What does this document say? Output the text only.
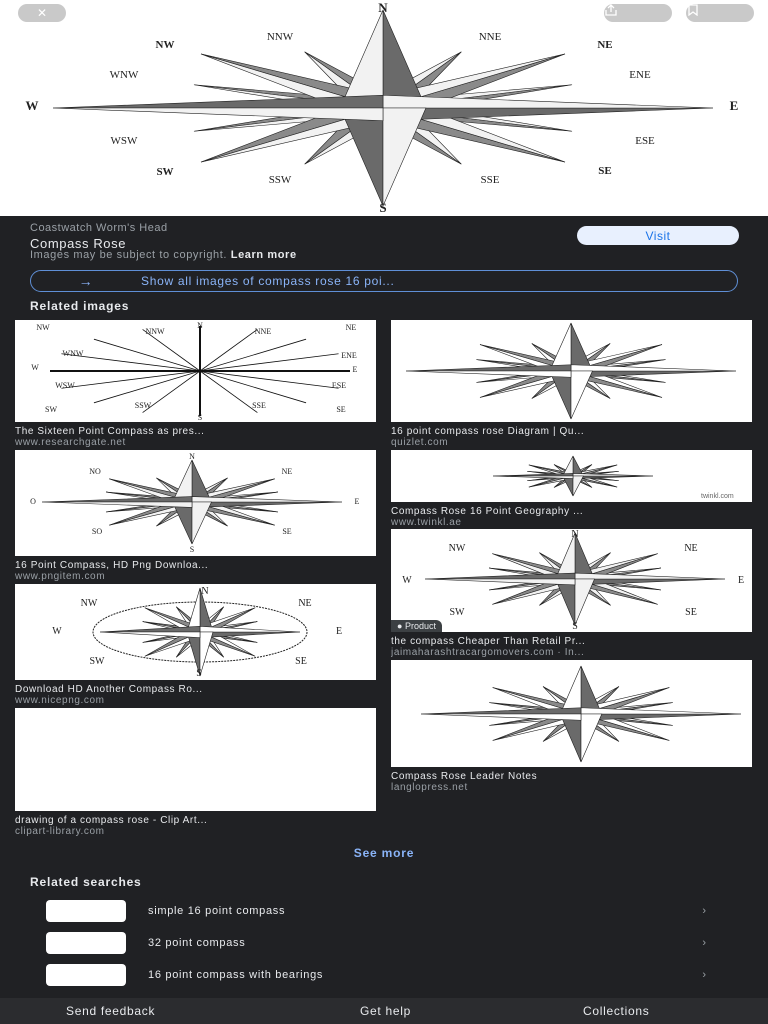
N
NNE
NE
ENE
E
ESE
SE
SSE
S
SSW
SW
WSW
W
WNW
NW
NNW
✕
Coastwatch Worm's Head
Compass Rose
Images may be subject to copyright. Learn more
Visit
→	Show all images of compass rose 16 poi...
Related images
NW	NNW	NNE	NE
WNW	ENE
W	E
WSW	ESE
SW	SSW	SSE	SE
N
S
The Sixteen Point Compass as pres...
www.researchgate.net
16 point compass rose Diagram | Qu...
quizlet.com
N
NO	NE
O	E
SO	SE
S
16 Point Compass, HD Png Downloa...
www.pngitem.com
twinkl.com
Compass Rose 16 Point Geography ...
www.twinkl.ae
N
NW	NE
W	E
SW	SE
S
● Product
the compass Cheaper Than Retail Pr...
jaimaharashtracargomovers.com · In...
N
NW	NE
W	E
SW	SE
S
Download HD Another Compass Ro...
www.nicepng.com
Compass Rose Leader Notes
langlopress.net
drawing of a compass rose - Clip Art...
clipart-library.com
See more
Related searches
simple 16 point compass	›
32 point compass	›
16 point compass with bearings	›
Send feedback	Get help	Collections
